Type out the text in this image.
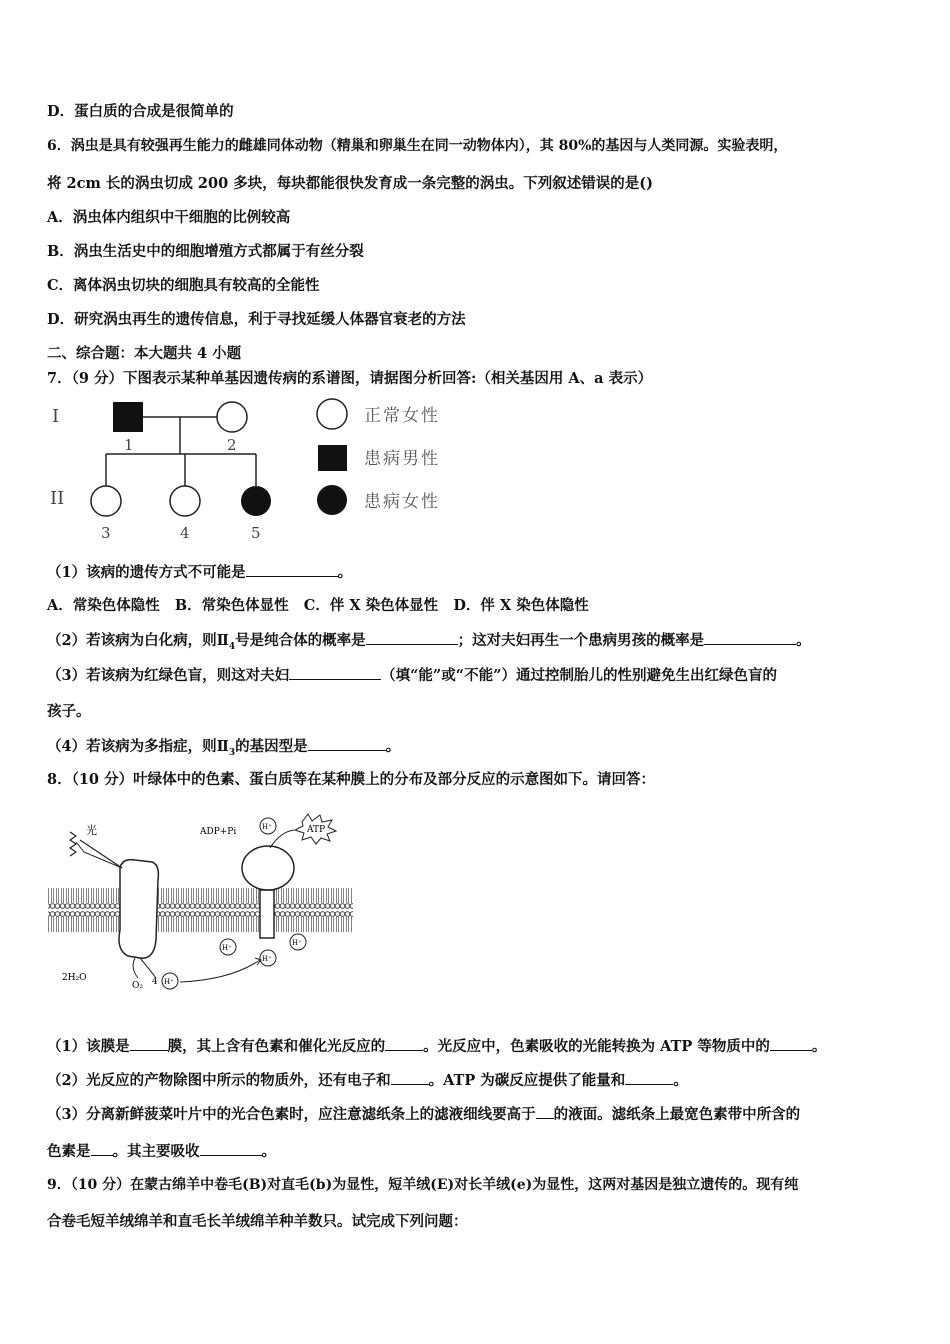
D．蛋白质的合成是很简单的
6．涡虫是具有较强再生能力的雌雄同体动物（精巢和卵巢生在同一动物体内），其 80%的基因与人类同源。实验表明，
将 2cm 长的涡虫切成 200 多块，每块都能很快发育成一条完整的涡虫。下列叙述错误的是()
A．涡虫体内组织中干细胞的比例较高
B．涡虫生活史中的细胞增殖方式都属于有丝分裂
C．离体涡虫切块的细胞具有较高的全能性
D．研究涡虫再生的遗传信息，利于寻找延缓人体器官衰老的方法
二、综合题：本大题共 4 小题
7．（9 分）下图表示某种单基因遗传病的系谱图，请据图分析回答:（相关基因用 A、a 表示）
I
II
1	2
3	4	5
正常女性
患病男性
患病女性
（1）该病的遗传方式不可能是	。
A．常染色体隐性   B．常染色体显性   C．伴 X 染色体显性   D．伴 X 染色体隐性
（2）若该病为白化病，则$Ⅱ_4$号是纯合体的概率是	；这对夫妇再生一个患病男孩的概率是	。
（3）若该病为红绿色盲，则这对夫妇	（填“能”或“不能”）通过控制胎儿的性别避免生出红绿色盲的
孩子。
（4）若该病为多指症，则$Ⅱ_3$的基因型是	。
8．（10 分）叶绿体中的色素、蛋白质等在某种膜上的分布及部分反应的示意图如下。请回答：
光	ADP+Pi	H⁺	ATP
H⁺
H⁺
H⁺
2H₂O
O₂ 4 H⁺
（1）该膜是	膜，其上含有色素和催化光反应的	。光反应中，色素吸收的光能转换为 ATP 等物质中的	。
（2）光反应的产物除图中所示的物质外，还有电子和	。ATP 为碳反应提供了能量和	。
（3）分离新鲜菠菜叶片中的光合色素时，应注意滤纸条上的滤液细线要高于 的液面。滤纸条上最宽色素带中所含的
色素是 。其主要吸收	。
9．（10 分）在蒙古绵羊中卷毛(B)对直毛(b)为显性，短羊绒(E)对长羊绒(e)为显性，这两对基因是独立遗传的。现有纯
合卷毛短羊绒绵羊和直毛长羊绒绵羊种羊数只。试完成下列问题：
